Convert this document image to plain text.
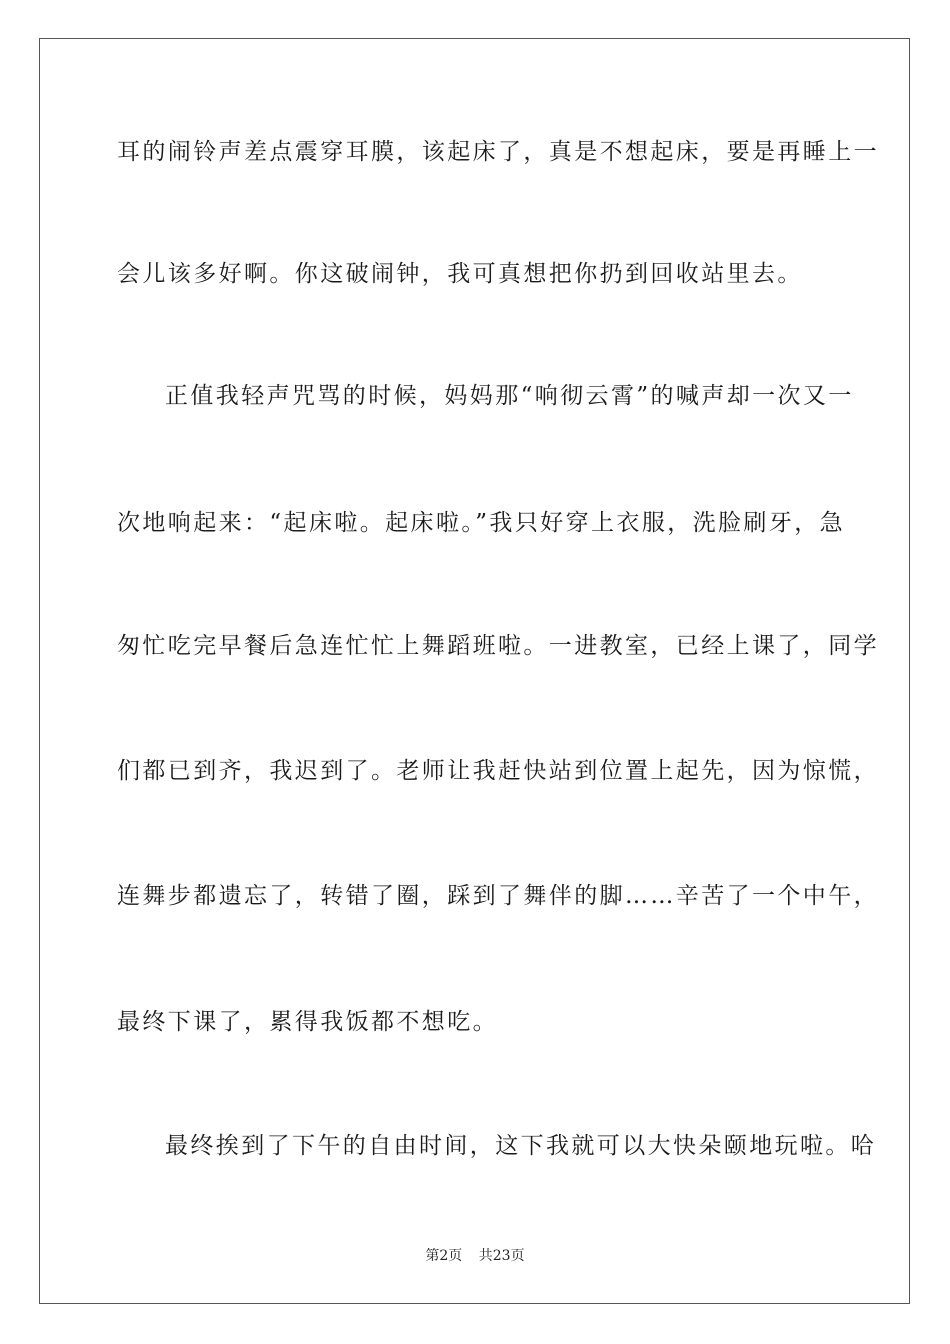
耳的闹铃声差点震穿耳膜，该起床了，真是不想起床，要是再睡上一
会儿该多好啊。你这破闹钟，我可真想把你扔到回收站里去。
正值我轻声咒骂的时候，妈妈那“响彻云霄”的喊声却一次又一
次地响起来：“起床啦。起床啦。”我只好穿上衣服，洗脸刷牙，急
匆忙吃完早餐后急连忙忙上舞蹈班啦。一进教室，已经上课了，同学
们都已到齐，我迟到了。老师让我赶快站到位置上起先，因为惊慌，
连舞步都遗忘了，转错了圈，踩到了舞伴的脚……辛苦了一个中午，
最终下课了，累得我饭都不想吃。
最终挨到了下午的自由时间，这下我就可以大快朵颐地玩啦。哈
第2页 共23页
